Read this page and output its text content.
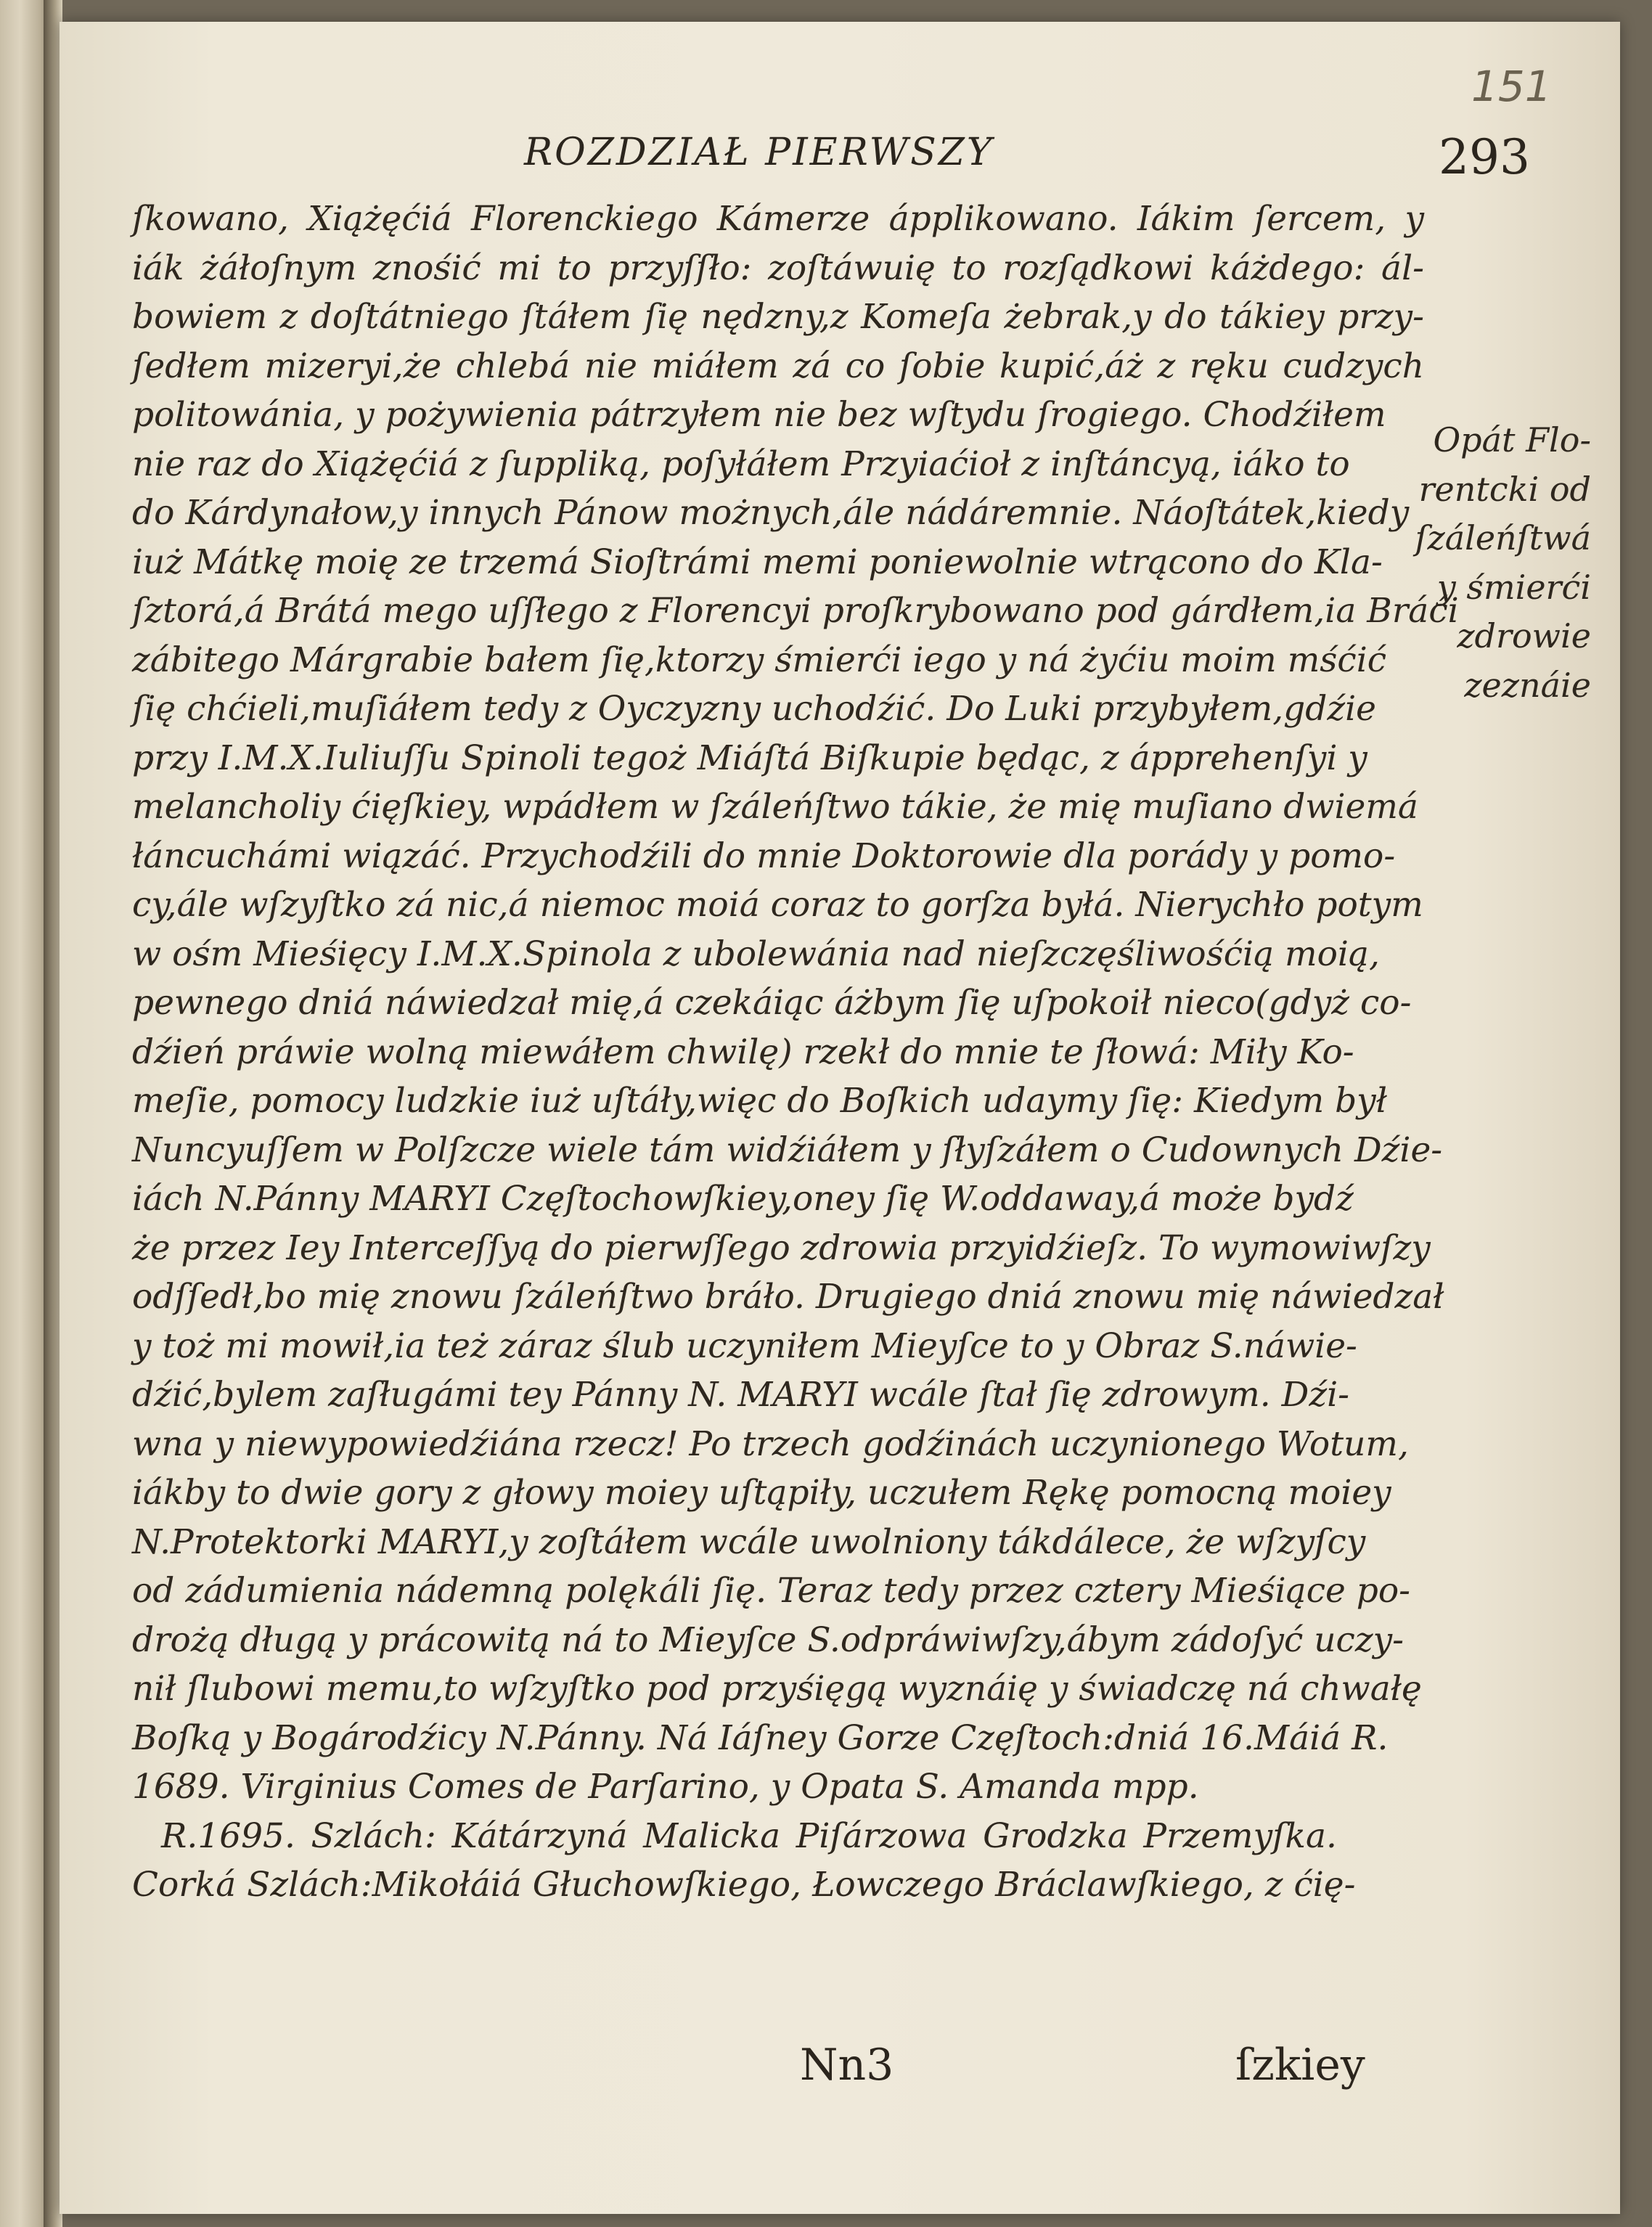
151
ROZDZIAŁ PIERWSZY	293
ſkowano, Xiążęćiá Florenckiego Kámerze ápplikowano. Iákim ſercem, y
iák żáłoſnym znośić mi to przyſſło: zoſtáwuię to rozſądkowi káżdego: ál-
bowiem z doſtátniego ſtáłem ſię nędzny,z Komeſa żebrak,y do tákiey przy-
ſedłem mizeryi,że chlebá nie miáłem zá co ſobie kupić,áż z ręku cudzych
politowánia, y pożywienia pátrzyłem nie bez wſtydu ſrogiego. Chodźiłem
nie raz do Xiążęćiá z ſuppliką, poſyłáłem Przyiaćioł z inſtáncyą, iáko to
do Kárdynałow,y innych Pánow możnych,ále nádáremnie. Náoſtátek,kiedy
iuż Mátkę moię ze trzemá Sioſtrámi memi poniewolnie wtrącono do Kla-
ſztorá,á Brátá mego uſſłego z Florencyi proſkrybowano pod gárdłem,ia Bráći
zábitego Márgrabie bałem ſię,ktorzy śmierći iego y ná żyćiu moim mśćić
ſię chćieli,muſiáłem tedy z Oyczyzny uchodźić. Do Luki przybyłem,gdźie
przy I.M.X.Iuliuſſu Spinoli tegoż Miáſtá Biſkupie będąc, z ápprehenſyi y
melancholiy ćięſkiey, wpádłem w ſzáleńſtwo tákie, że mię muſiano dwiemá
łáncuchámi wiązáć. Przychodźili do mnie Doktorowie dla porády y pomo-
cy,ále wſzyſtko zá nic,á niemoc moiá coraz to gorſza byłá. Nierychło potym
w ośm Mieśięcy I.M.X.Spinola z ubolewánia nad nieſzczęśliwośćią moią,
pewnego dniá náwiedzał mię,á czekáiąc áżbym ſię uſpokoił nieco(gdyż co-
dźień práwie wolną miewáłem chwilę) rzekł do mnie te ſłowá: Miły Ko-
meſie, pomocy ludzkie iuż uſtáły,więc do Boſkich udaymy ſię: Kiedym był
Nuncyuſſem w Polſzcze wiele tám widźiáłem y ſłyſzáłem o Cudownych Dźie-
iách N.Pánny MARYI Częſtochowſkiey,oney ſię W.oddaway,á może bydź
że przez Iey Interceſſyą do pierwſſego zdrowia przyidźieſz. To wymowiwſzy
odſſedł,bo mię znowu ſzáleńſtwo bráło. Drugiego dniá znowu mię náwiedzał
y toż mi mowił,ia też záraz ślub uczyniłem Mieyſce to y Obraz S.náwie-
dźić,bylem zaſługámi tey Pánny N. MARYI wcále ſtał ſię zdrowym. Dźi-
wna y niewypowiedźiána rzecz! Po trzech godźinách uczynionego Wotum,
iákby to dwie gory z głowy moiey uſtąpiły, uczułem Rękę pomocną moiey
N.Protektorki MARYI,y zoſtáłem wcále uwolniony tákdálece, że wſzyſcy
od zádumienia nádemną polękáli ſię. Teraz tedy przez cztery Mieśiące po-
drożą długą y prácowitą ná to Mieyſce S.odpráwiwſzy,ábym zádoſyć uczy-
nił ſlubowi memu,to wſzyſtko pod przyśięgą wyznáię y świadczę ná chwałę
Boſką y Bogárodźicy N.Pánny. Ná Iáſney Gorze Częſtoch:dniá 16.Máiá R.
1689. Virginius Comes de Parſarino, y Opata S. Amanda mpp.
R.1695. Szlách: Kátárzyná Malicka Piſárzowa Grodzka Przemyſka.
Corká Szlách:Mikołáiá Głuchowſkiego, Łowczego Bráclawſkiego, z ćię-
Opát Flo-
rentcki od
ſzáleńſtwá
y śmierći
zdrowie
zeznáie
Nn3	ſzkiey
